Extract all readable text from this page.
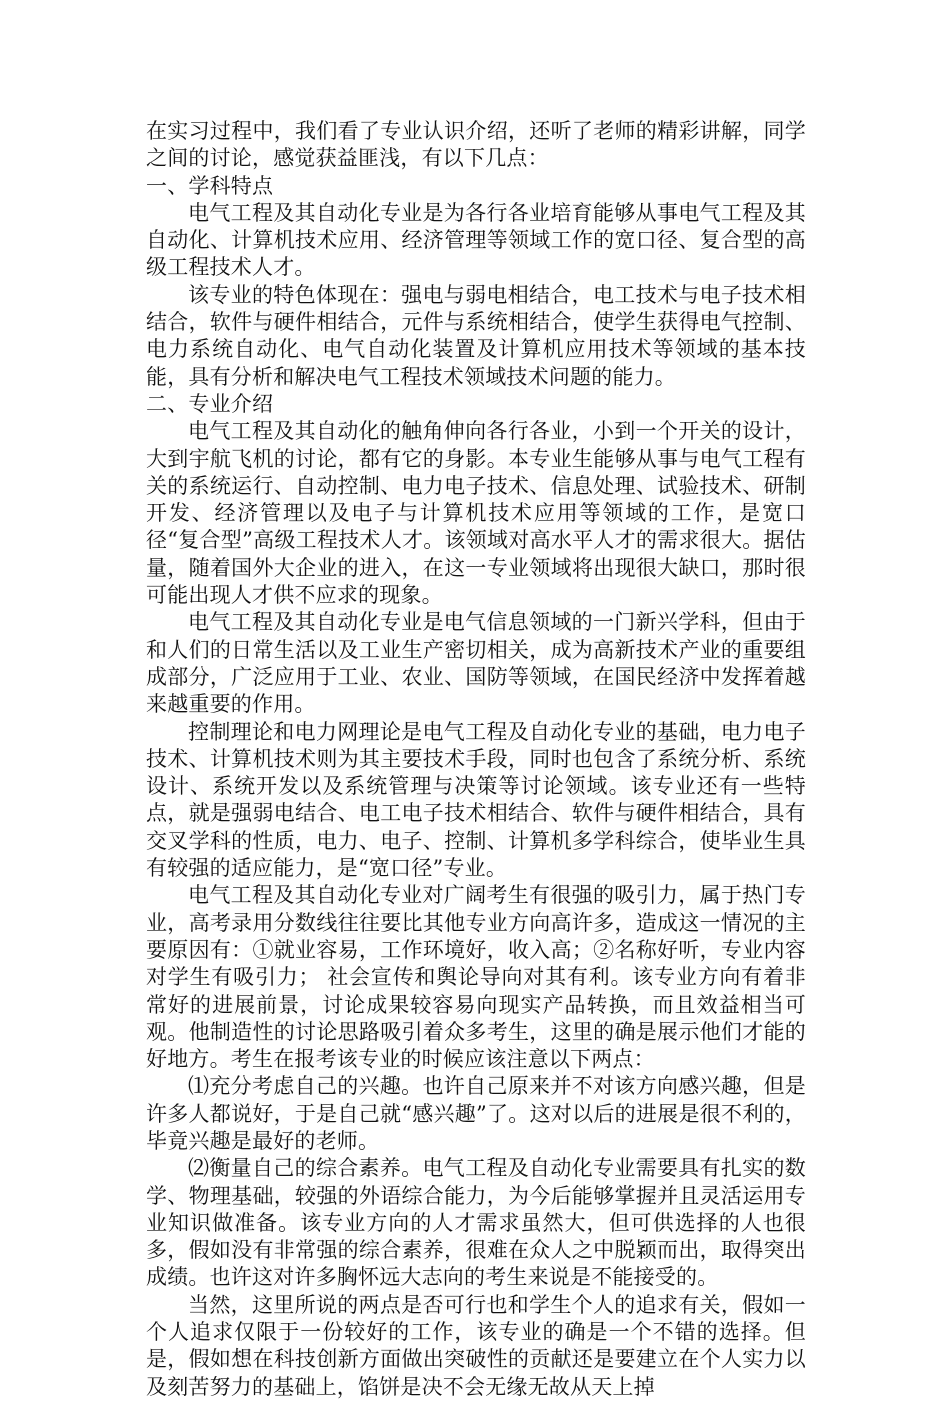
在实习过程中，我们看了专业认识介绍，还听了老师的精彩讲解，同学之间的讨论，感觉获益匪浅，有以下几点：

一、学科特点

电气工程及其自动化专业是为各行各业培育能够从事电气工程及其自动化、计算机技术应用、经济管理等领域工作的宽口径、复合型的高级工程技术人才。

该专业的特色体现在：强电与弱电相结合，电工技术与电子技术相结合，软件与硬件相结合，元件与系统相结合，使学生获得电气控制、电力系统自动化、电气自动化装置及计算机应用技术等领域的基本技能，具有分析和解决电气工程技术领域技术问题的能力。

二、专业介绍

电气工程及其自动化的触角伸向各行各业，小到一个开关的设计，大到宇航飞机的讨论，都有它的身影。本专业生能够从事与电气工程有关的系统运行、自动控制、电力电子技术、信息处理、试验技术、研制开发、经济管理以及电子与计算机技术应用等领域的工作，是宽口径“复合型”高级工程技术人才。该领域对高水平人才的需求很大。据估量，随着国外大企业的进入，在这一专业领域将出现很大缺口，那时很可能出现人才供不应求的现象。

电气工程及其自动化专业是电气信息领域的一门新兴学科，但由于和人们的日常生活以及工业生产密切相关，成为高新技术产业的重要组成部分，广泛应用于工业、农业、国防等领域，在国民经济中发挥着越来越重要的作用。

控制理论和电力网理论是电气工程及自动化专业的基础，电力电子技术、计算机技术则为其主要技术手段，同时也包含了系统分析、系统设计、系统开发以及系统管理与决策等讨论领域。该专业还有一些特点，就是强弱电结合、电工电子技术相结合、软件与硬件相结合，具有交叉学科的性质，电力、电子、控制、计算机多学科综合，使毕业生具有较强的适应能力，是“宽口径”专业。

电气工程及其自动化专业对广阔考生有很强的吸引力，属于热门专业，高考录用分数线往往要比其他专业方向高许多，造成这一情况的主要原因有：①就业容易，工作环境好，收入高；②名称好听，专业内容对学生有吸引力； 社会宣传和舆论导向对其有利。该专业方向有着非常好的进展前景，讨论成果较容易向现实产品转换，而且效益相当可观。他制造性的讨论思路吸引着众多考生，这里的确是展示他们才能的好地方。考生在报考该专业的时候应该注意以下两点：

⑴充分考虑自己的兴趣。也许自己原来并不对该方向感兴趣，但是许多人都说好，于是自己就“感兴趣”了。这对以后的进展是很不利的，毕竟兴趣是最好的老师。

⑵衡量自己的综合素养。电气工程及自动化专业需要具有扎实的数学、物理基础，较强的外语综合能力，为今后能够掌握并且灵活运用专业知识做准备。该专业方向的人才需求虽然大，但可供选择的人也很多，假如没有非常强的综合素养，很难在众人之中脱颖而出，取得突出成绩。也许这对许多胸怀远大志向的考生来说是不能接受的。

当然，这里所说的两点是否可行也和学生个人的追求有关，假如一个人追求仅限于一份较好的工作，该专业的确是一个不错的选择。但是，假如想在科技创新方面做出突破性的贡献还是要建立在个人实力以及刻苦努力的基础上，馅饼是决不会无缘无故从天上掉
